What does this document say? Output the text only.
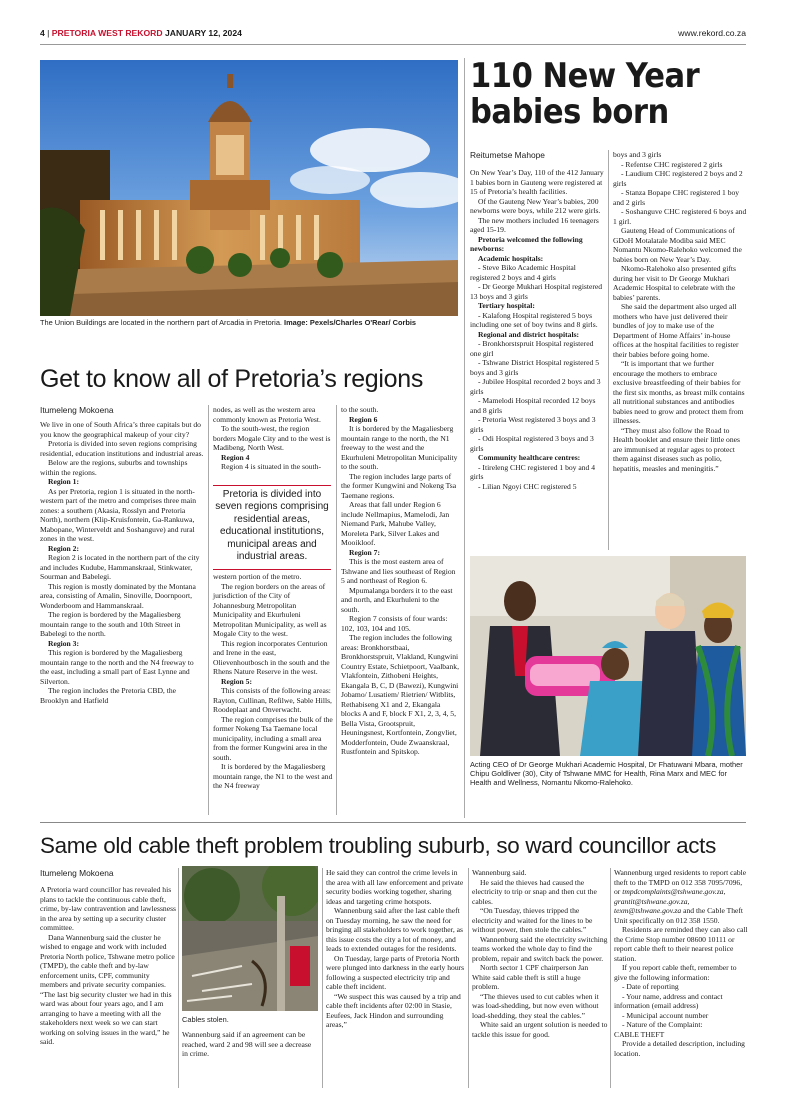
4 | PRETORIA WEST REKORD JANUARY 12, 2024	www.rekord.co.za
The Union Buildings are located in the northern part of Arcadia in Pretoria. Image: Pexels/Charles O'Rear/ Corbis
Get to know all of Pretoria’s regions
Itumeleng Mokoena

We live in one of South Africa’s three capitals but do you know the geographical makeup of your city?

Pretoria is divided into seven regions comprising residential, education institutions and industrial areas.

Below are the regions, suburbs and townships within the regions.

Region 1:

As per Pretoria, region 1 is situated in the north-western part of the metro and comprises three main zones: a southern (Akasia, Rosslyn and Pretoria North), northern (Klip-Kruisfontein, Ga-Rankuwa, Mabopane, Winterveldt and Soshanguve) and rural zones in the west.

Region 2:

Region 2 is located in the northern part of the city and includes Kudube, Hammanskraal, Stinkwater, Sourman and Babelegi.

This region is mostly dominated by the Montana area, consisting of Amalin, Sinoville, Doornpoort, Wonderboom and Hammanskraal.

The region is bordered by the Magaliesberg mountain range to the south and 10th Street in Babelegi to the north.

Region 3:

This region is bordered by the Magaliesberg mountain range to the north and the N4 freeway to the east, including a small part of East Lynne and Silverton.

The region includes the Pretoria CBD, the Brooklyn and Hatfield

nodes, as well as the western area commonly known as Pretoria West.

To the south-west, the region borders Mogale City and to the west is Madibeng, North West.

Region 4

Region 4 is situated in the south-

Pretoria is divided into seven regions comprising residential areas, educational institutions, municipal areas and industrial areas.

western portion of the metro.

The region borders on the areas of jurisdiction of the City of Johannesburg Metropolitan Municipality and Ekurhuleni Metropolitan Municipality, as well as Mogale City to the west.

This region incorporates Centurion and Irene in the east, Olievenhoutbosch in the south and the Rhens Nature Reserve in the west.

Region 5:

This consists of the following areas: Rayton, Cullinan, Refilwe, Sable Hills, Roodeplaat and Onverwacht.

The region comprises the bulk of the former Nokeng Tsa Taemane local municipality, including a small area from the former Kungwini area in the south.

It is bordered by the Magaliesberg mountain range, the N1 to the west and the N4 freeway

to the south.

Region 6

It is bordered by the Magaliesberg mountain range to the north, the N1 freeway to the west and the Ekurhuleni Metropolitan Municipality to the south.

The region includes large parts of the former Kungwini and Nokeng Tsa Taemane regions.

Areas that fall under Region 6 include Nellmapius, Mamelodi, Jan Niemand Park, Mahube Valley, Moreleta Park, Silver Lakes and Mooikloof.

Region 7:

This is the most eastern area of Tshwane and lies southeast of Region 5 and northeast of Region 6.

Mpumalanga borders it to the east and north, and Ekurhuleni to the south.

Region 7 consists of four wards: 102, 103, 104 and 105.

The region includes the following areas: Bronkhorstbaai, Bronkhorstspruit, Vlakland, Kungwini Country Estate, Schietpoort, Vaalbank, Vlakfontein, Zithobeni Heights, Ekangala B, C, D (Bawezi), Kungwini Jobamo/ Lusatiem/ Rietrien/ Witblits, Rethabiseng X1 and 2, Ekangala blocks A and F, block F X1, 2, 3, 4, 5, Bella Vista, Grootspruit, Heuningsnest, Kortfontein, Zongvliet, Modderfontein, Oude Zwaanskraal, Rustfontein and Spitskop.

110 New Year babies born
Reitumetse Mahope

On New Year’s Day, 110 of the 412 January 1 babies born in Gauteng were registered at 15 of Pretoria’s health facilities.

Of the Gauteng New Year’s babies, 200 newborns were boys, while 212 were girls.

The new mothers included 16 teenagers aged 15-19.

Pretoria welcomed the following newborns:

Academic hospitals:

- Steve Biko Academic Hospital registered 2 boys and 4 girls

- Dr George Mukhari Hospital registered 13 boys and 3 girls

Tertiary hospital:

- Kalafong Hospital registered 5 boys including one set of boy twins and 8 girls.

Regional and district hospitals:

- Bronkhorstspruit Hospital registered one girl

- Tshwane District Hospital registered 5 boys and 3 girls

- Jubilee Hospital recorded 2 boys and 3 girls

- Mamelodi Hospital recorded 12 boys and 8 girls

- Pretoria West registered 3 boys and 3 girls

- Odi Hospital registered 3 boys and 3 girls

Community healthcare centres:

- Itireleng CHC registered 1 boy and 4 girls

- Lilian Ngoyi CHC registered 5

boys and 3 girls

- Refentse CHC registered 2 girls

- Laudium CHC registered 2 boys and 2 girls

- Stanza Bopape CHC registered 1 boy and 2 girls

- Soshanguve CHC registered 6 boys and 1 girl.

Gauteng Head of Communications of GDoH Motalatale Modiba said MEC Nomantu Nkomo-Ralehoko welcomed the babies born on New Year’s Day.

Nkomo-Ralehoko also presented gifts during her visit to Dr George Mukhari Academic Hospital to celebrate with the babies’ parents.

She said the department also urged all mothers who have just delivered their bundles of joy to make use of the Department of Home Affairs’ in-house offices at the hospital facilities to register their babies before going home.

“It is important that we further encourage the mothers to embrace exclusive breastfeeding of their babies for the first six months, as breast milk contains all nutritional substances and antibodies babies need to grow and protect them from illnesses.

“They must also follow the Road to Health booklet and ensure their little ones are immunised at regular ages to protect them against diseases such as polio, hepatitis, measles and meningitis.”

Acting CEO of Dr George Mukhari Academic Hospital, Dr Fhatuwani Mbara, mother Chipu Goldliver (30), City of Tshwane MMC for Health, Rina Marx and MEC for Health and Wellness, Nomantu Nkomo-Ralehoko.
Same old cable theft problem troubling suburb, so ward councillor acts
Itumeleng Mokoena

A Pretoria ward councillor has revealed his plans to tackle the continuous cable theft, crime, by-law contravention and lawlessness in the area by setting up a security cluster committee.

Dana Wannenburg said the cluster he wished to engage and work with included Pretoria North police, Tshwane metro police (TMPD), the cable theft and by-law enforcement units, CPF, community members and private security companies. “The last big security cluster we had in this ward was about four years ago, and I am arranging to have a meeting with all the stakeholders next week so we can start working on solving issues in the ward,” he said.

Cables stolen.

Wannenburg said if an agreement can be reached, ward 2 and 98 will see a decrease in crime.

He said they can control the crime levels in the area with all law enforcement and private security bodies working together, sharing ideas and targeting crime hotspots.

Wannenburg said after the last cable theft on Tuesday morning, he saw the need for bringing all stakeholders to work together, as this issue costs the city a lot of money, and leads to extended outages for the residents.

On Tuesday, large parts of Pretoria North were plunged into darkness in the early hours following a suspected electricity trip and cable theft incident.

“We suspect this was caused by a trip and cable theft incidents after 02:00 in Stasie, Eeufees, Jack Hindon and surrounding areas,”

Wannenburg said.

He said the thieves had caused the electricity to trip or snap and then cut the cables.

“On Tuesday, thieves tripped the electricity and waited for the lines to be without power, then stole the cables.”

Wannenburg said the electricity switching teams worked the whole day to find the problem, repair and switch back the power.

North sector 1 CPF chairperson Jan White said cable theft is still a huge problem.

“The thieves used to cut cables when it was load-shedding, but now even without load-shedding, they steal the cables.”

White said an urgent solution is needed to tackle this issue for good.

Wannenburg urged residents to report cable theft to the TMPD on 012 358 7095/7096, or tmpdcomplaints@tshwane.gov.za, grantit@tshwane.gov.za, texm@tshwane.gov.za and the Cable Theft Unit specifically on 012 358 1550.

Residents are reminded they can also call the Crime Stop number 08600 10111 or report cable theft to their nearest police station.

If you report cable theft, remember to give the following information:

- Date of reporting

- Your name, address and contact information (email address)

- Municipal account number

- Nature of the Complaint:

CABLE THEFT

Provide a detailed description, including location.
